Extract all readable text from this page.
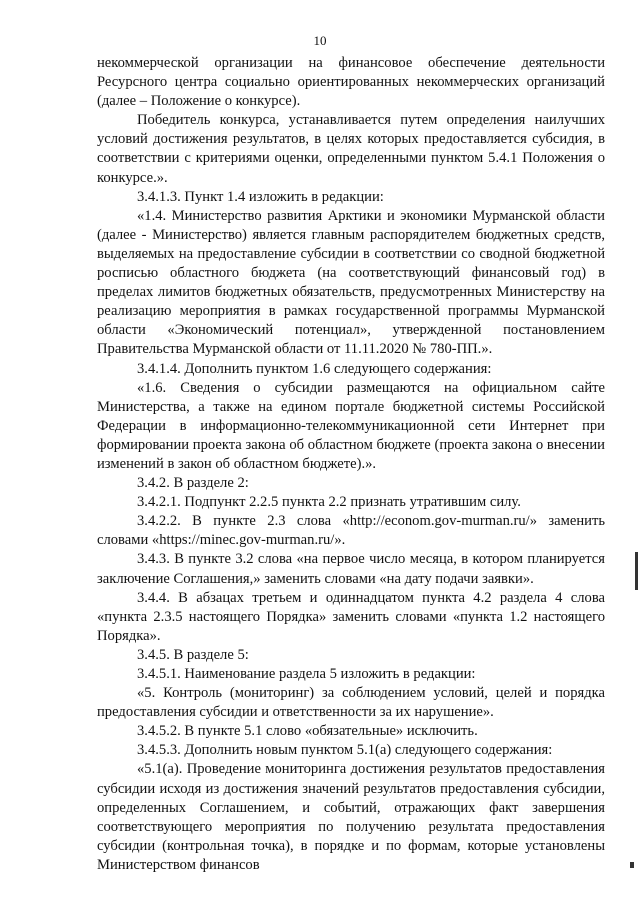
10

некоммерческой организации на финансовое обеспечение деятельности Ресурсного центра социально ориентированных некоммерческих организаций (далее – Положение о конкурсе).

Победитель конкурса, устанавливается путем определения наилучших условий достижения результатов, в целях которых предоставляется субсидия, в соответствии с критериями оценки, определенными пунктом 5.4.1 Положения о конкурсе.».

3.4.1.3. Пункт 1.4 изложить в редакции:

«1.4. Министерство развития Арктики и экономики Мурманской области (далее - Министерство) является главным распорядителем бюджетных средств, выделяемых на предоставление субсидии в соответствии со сводной бюджетной росписью областного бюджета (на соответствующий финансовый год) в пределах лимитов бюджетных обязательств, предусмотренных Министерству на реализацию мероприятия в рамках государственной программы Мурманской области «Экономический потенциал», утвержденной постановлением Правительства Мурманской области от 11.11.2020 № 780-ПП.».

3.4.1.4. Дополнить пунктом 1.6 следующего содержания:

«1.6. Сведения о субсидии размещаются на официальном сайте Министерства, а также на едином портале бюджетной системы Российской Федерации в информационно-телекоммуникационной сети Интернет при формировании проекта закона об областном бюджете (проекта закона о внесении изменений в закон об областном бюджете).».

3.4.2. В разделе 2:

3.4.2.1. Подпункт 2.2.5 пункта 2.2 признать утратившим силу.

3.4.2.2. В пункте 2.3 слова «http://econom.gov-murman.ru/» заменить словами «https://minec.gov-murman.ru/».

3.4.3. В пункте 3.2 слова «на первое число месяца, в котором планируется заключение Соглашения,» заменить словами «на дату подачи заявки».

3.4.4. В абзацах третьем и одиннадцатом пункта 4.2 раздела 4 слова «пункта 2.3.5 настоящего Порядка» заменить словами «пункта 1.2 настоящего Порядка».

3.4.5. В разделе 5:

3.4.5.1. Наименование раздела 5 изложить в редакции:

«5. Контроль (мониторинг) за соблюдением условий, целей и порядка предоставления субсидии и ответственности за их нарушение».

3.4.5.2. В пункте 5.1 слово «обязательные» исключить.

3.4.5.3. Дополнить новым пунктом 5.1(а) следующего содержания:

«5.1(а). Проведение мониторинга достижения результатов предоставления субсидии исходя из достижения значений результатов предоставления субсидии, определенных Соглашением, и событий, отражающих факт завершения соответствующего мероприятия по получению результата предоставления субсидии (контрольная точка), в порядке и по формам, которые установлены Министерством финансов
